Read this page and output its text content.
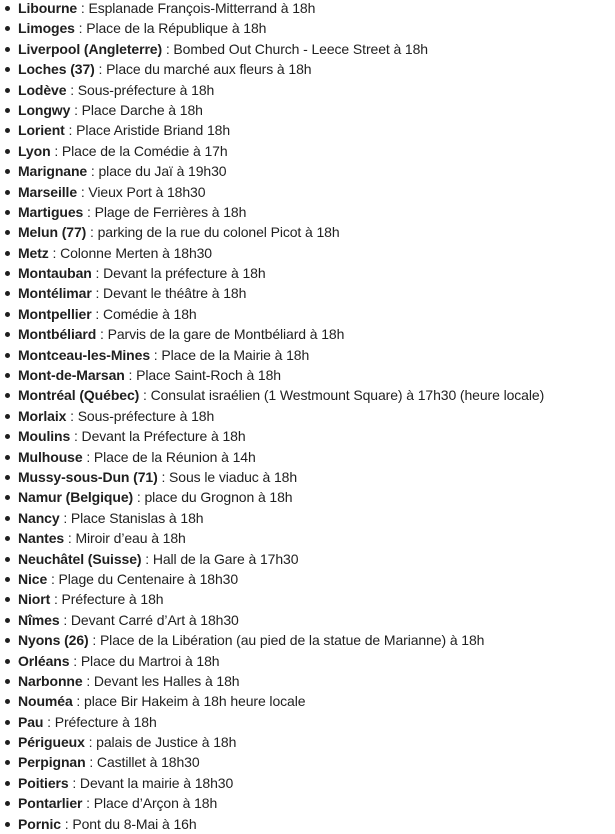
Libourne : Esplanade François-Mitterrand à 18h
Limoges : Place de la République à 18h
Liverpool (Angleterre) : Bombed Out Church - Leece Street à 18h
Loches (37) : Place du marché aux fleurs à 18h
Lodève : Sous-préfecture à 18h
Longwy : Place Darche à 18h
Lorient : Place Aristide Briand 18h
Lyon : Place de la Comédie à 17h
Marignane : place du Jaï à 19h30
Marseille : Vieux Port à 18h30
Martigues : Plage de Ferrières à 18h
Melun (77) : parking de la rue du colonel Picot à 18h
Metz : Colonne Merten à 18h30
Montauban : Devant la préfecture à 18h
Montélimar : Devant le théâtre à 18h
Montpellier : Comédie à 18h
Montbéliard : Parvis de la gare de Montbéliard à 18h
Montceau-les-Mines : Place de la Mairie à 18h
Mont-de-Marsan : Place Saint-Roch à 18h
Montréal (Québec) : Consulat israélien (1 Westmount Square) à 17h30 (heure locale)
Morlaix : Sous-préfecture à 18h
Moulins : Devant la Préfecture à 18h
Mulhouse : Place de la Réunion à 14h
Mussy-sous-Dun (71) : Sous le viaduc à 18h
Namur (Belgique) : place du Grognon à 18h
Nancy : Place Stanislas à 18h
Nantes : Miroir d’eau à 18h
Neuchâtel (Suisse) : Hall de la Gare à 17h30
Nice : Plage du Centenaire à 18h30
Niort : Préfecture à 18h
Nîmes : Devant Carré d’Art à 18h30
Nyons (26) : Place de la Libération (au pied de la statue de Marianne) à 18h
Orléans : Place du Martroi à 18h
Narbonne : Devant les Halles à 18h
Nouméa : place Bir Hakeim à 18h heure locale
Pau : Préfecture à 18h
Périgueux : palais de Justice à 18h
Perpignan : Castillet à 18h30
Poitiers : Devant la mairie à 18h30
Pontarlier : Place d’Arçon à 18h
Pornic : Pont du 8-Mai à 16h
